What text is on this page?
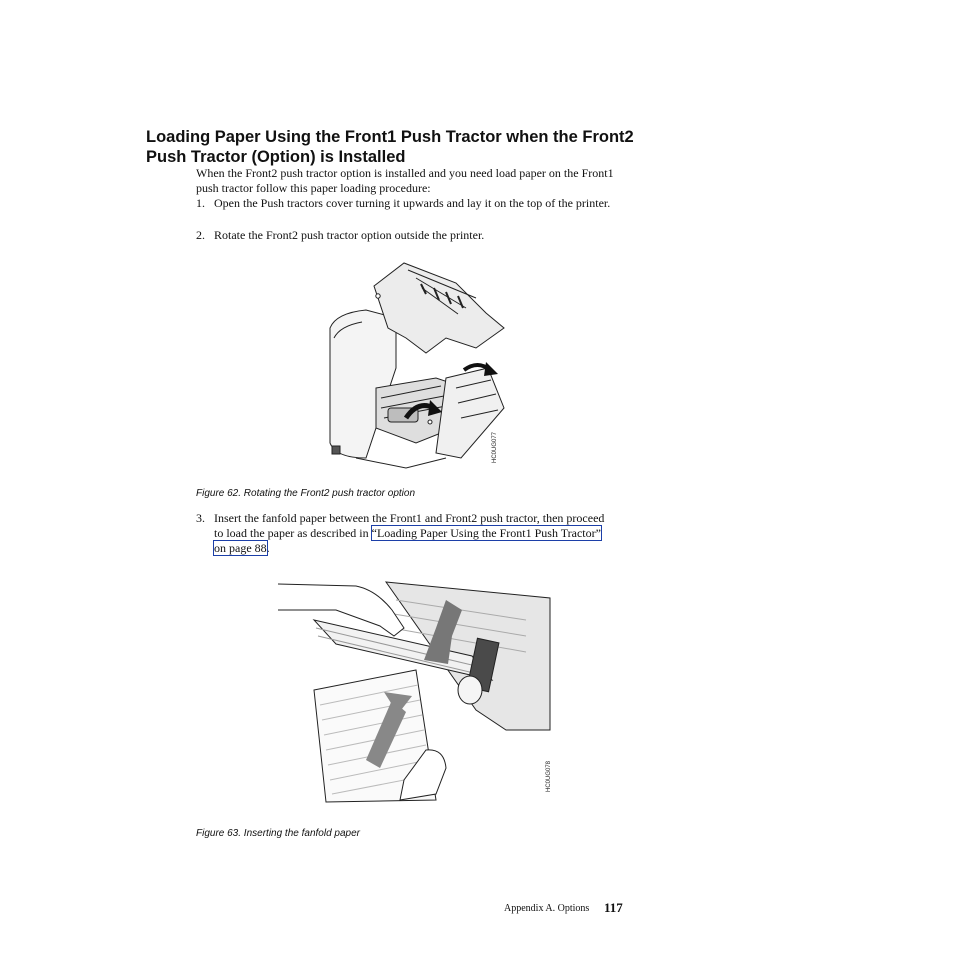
Loading Paper Using the Front1 Push Tractor when the Front2 Push Tractor (Option) is Installed

When the Front2 push tractor option is installed and you need load paper on the Front1 push tractor follow this paper loading procedure:

1. Open the Push tractors cover turning it upwards and lay it on the top of the printer.
2. Rotate the Front2 push tractor option outside the printer.
HC0UG077
Figure 62. Rotating the Front2 push tractor option
3. Insert the fanfold paper between the Front1 and Front2 push tractor, then proceed to load the paper as described in “Loading Paper Using the Front1 Push Tractor” on page 88.
HC0UG078
Figure 63. Inserting the fanfold paper
Appendix A. Options 117
